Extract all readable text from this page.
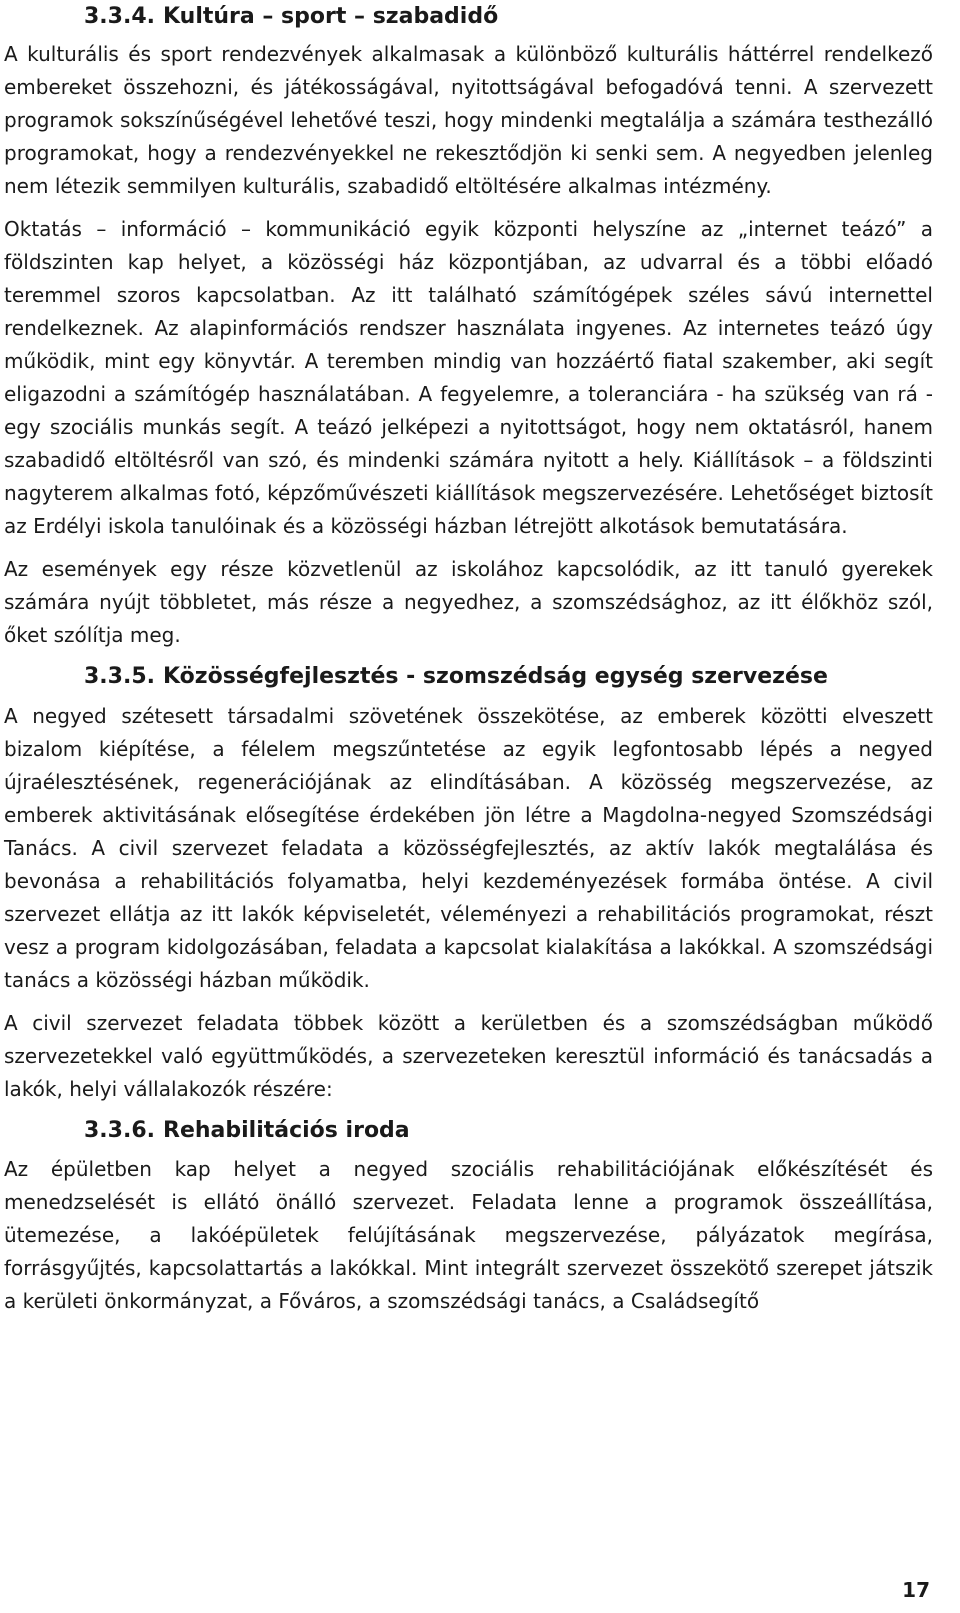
3.3.4. Kultúra – sport – szabadidő

A kulturális és sport rendezvények alkalmasak a különböző kulturális háttérrel rendelkező embereket összehozni, és játékosságával, nyitottságával befogadóvá tenni. A szervezett programok sokszínűségével lehetővé teszi, hogy mindenki megtalálja a számára testhezálló programokat, hogy a rendezvényekkel ne rekesztődjön ki senki sem. A negyedben jelenleg nem létezik semmilyen kulturális, szabadidő eltöltésére alkalmas intézmény.

Oktatás – információ – kommunikáció egyik központi helyszíne az „internet teázó” a földszinten kap helyet, a közösségi ház központjában, az udvarral és a többi előadó teremmel szoros kapcsolatban. Az itt található számítógépek széles sávú internettel rendelkeznek. Az alapinformációs rendszer használata ingyenes. Az internetes teázó úgy működik, mint egy könyvtár. A teremben mindig van hozzáértő fiatal szakember, aki segít eligazodni a számítógép használatában. A fegyelemre, a toleranciára - ha szükség van rá - egy szociális munkás segít. A teázó jelképezi a nyitottságot, hogy nem oktatásról, hanem szabadidő eltöltésről van szó, és mindenki számára nyitott a hely. Kiállítások – a földszinti nagyterem alkalmas fotó, képzőművészeti kiállítások megszervezésére. Lehetőséget biztosít az Erdélyi iskola tanulóinak és a közösségi házban létrejött alkotások bemutatására.

Az események egy része közvetlenül az iskolához kapcsolódik, az itt tanuló gyerekek számára nyújt többletet, más része a negyedhez, a szomszédsághoz, az itt élőkhöz szól, őket szólítja meg.

3.3.5. Közösségfejlesztés - szomszédság egység szervezése

A negyed szétesett társadalmi szövetének összekötése, az emberek közötti elveszett bizalom kiépítése, a félelem megszűntetése az egyik legfontosabb lépés a negyed újraélesztésének, regenerációjának az elindításában. A közösség megszervezése, az emberek aktivitásának elősegítése érdekében jön létre a Magdolna-negyed Szomszédsági Tanács. A civil szervezet feladata a közösségfejlesztés, az aktív lakók megtalálása és bevonása a rehabilitációs folyamatba, helyi kezdeményezések formába öntése. A civil szervezet ellátja az itt lakók képviseletét, véleményezi a rehabilitációs programokat, részt vesz a program kidolgozásában, feladata a kapcsolat kialakítása a lakókkal. A szomszédsági tanács a közösségi házban működik.

A civil szervezet feladata többek között a kerületben és a szomszédságban működő szervezetekkel való együttműködés, a szervezeteken keresztül információ és tanácsadás a lakók, helyi vállalakozók részére:

3.3.6. Rehabilitációs iroda

Az épületben kap helyet a negyed szociális rehabilitációjának előkészítését és menedzselését is ellátó önálló szervezet. Feladata lenne a programok összeállítása, ütemezése, a lakóépületek felújításának megszervezése, pályázatok megírása, forrásgyűjtés, kapcsolattartás a lakókkal. Mint integrált szervezet összekötő szerepet játszik a kerületi önkormányzat, a Főváros, a szomszédsági tanács, a Családsegítő

17
